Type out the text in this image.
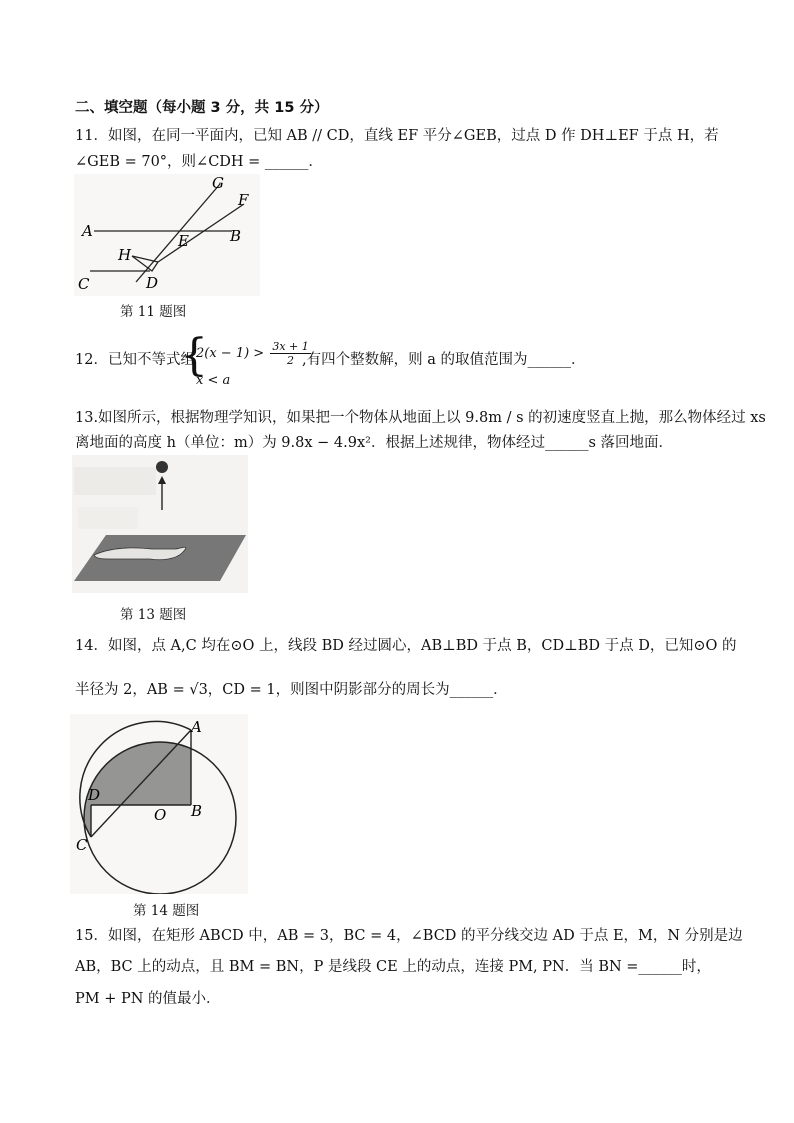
二、填空题（每小题 3 分，共 15 分）
11．如图，在同一平面内，已知 AB // CD，直线 EF 平分∠GEB，过点 D 作 DH⊥EF 于点 H，若
∠GEB = 70°，则∠CDH = ______．
G
F
A
E	B
H
C	D
第 11 题图
12．已知不等式组
{
$2(x - 1) > \frac{3x + 1}{2}$
x < a
,有四个整数解，则 a 的取值范围为______．
13.如图所示，根据物理学知识，如果把一个物体从地面上以 9.8m / s 的初速度竖直上抛，那么物体经过 xs
离地面的高度 h（单位：m）为 9.8x − 4.9x²．根据上述规律，物体经过______s 落回地面．
第 13 题图
14．如图，点 A,C 均在⊙O 上，线段 BD 经过圆心，AB⊥BD 于点 B，CD⊥BD 于点 D，已知⊙O 的
半径为 2，AB = √3，CD = 1，则图中阴影部分的周长为______．
A
D
B
O
C
第 14 题图
15．如图，在矩形 ABCD 中，AB = 3，BC = 4，∠BCD 的平分线交边 AD 于点 E，M，N 分别是边
AB，BC 上的动点，且 BM = BN，P 是线段 CE 上的动点，连接 PM, PN．当 BN =______时，
PM + PN 的值最小．
